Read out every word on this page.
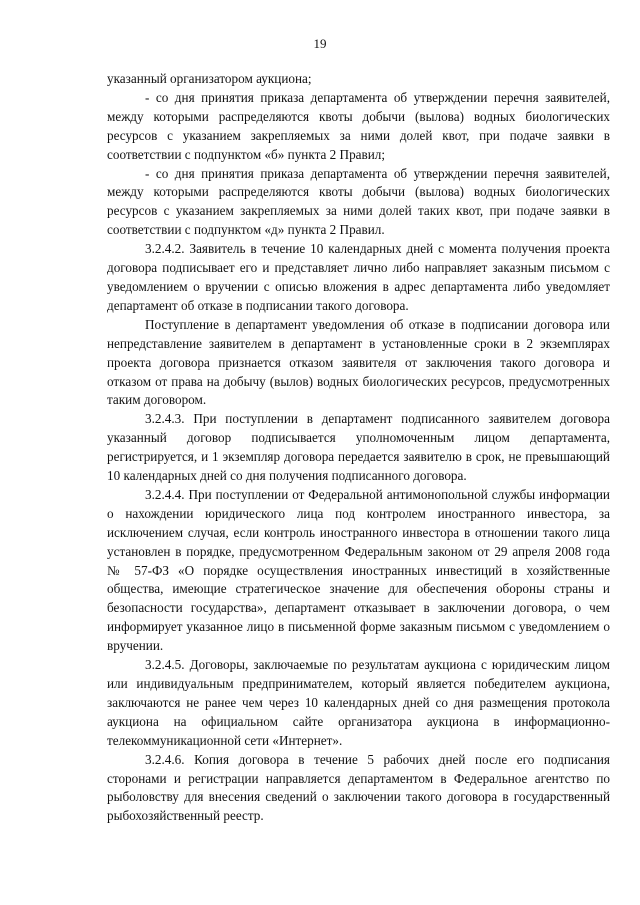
19

указанный организатором аукциона;

- со дня принятия приказа департамента об утверждении перечня заявителей, между которыми распределяются квоты добычи (вылова) водных биологических ресурсов с указанием закрепляемых за ними долей квот, при подаче заявки в соответствии с подпунктом «б» пункта 2 Правил;

- со дня принятия приказа департамента об утверждении перечня заявителей, между которыми распределяются квоты добычи (вылова) водных биологических ресурсов с указанием закрепляемых за ними долей таких квот, при подаче заявки в соответствии с подпунктом «д» пункта 2 Правил.

3.2.4.2. Заявитель в течение 10 календарных дней с момента получения проекта договора подписывает его и представляет лично либо направляет заказным письмом с уведомлением о вручении с описью вложения в адрес департамента либо уведомляет департамент об отказе в подписании такого договора.

Поступление в департамент уведомления об отказе в подписании договора или непредставление заявителем в департамент в установленные сроки в 2 экземплярах проекта договора признается отказом заявителя от заключения такого договора и отказом от права на добычу (вылов) водных биологических ресурсов, предусмотренных таким договором.

3.2.4.3. При поступлении в департамент подписанного заявителем договора указанный договор подписывается уполномоченным лицом департамента, регистрируется, и 1 экземпляр договора передается заявителю в срок, не превышающий 10 календарных дней со дня получения подписанного договора.

3.2.4.4. При поступлении от Федеральной антимонопольной службы информации о нахождении юридического лица под контролем иностранного инвестора, за исключением случая, если контроль иностранного инвестора в отношении такого лица установлен в порядке, предусмотренном Федеральным законом от 29 апреля 2008 года № 57-ФЗ «О порядке осуществления иностранных инвестиций в хозяйственные общества, имеющие стратегическое значение для обеспечения обороны страны и безопасности государства», департамент отказывает в заключении договора, о чем информирует указанное лицо в письменной форме заказным письмом с уведомлением о вручении.

3.2.4.5. Договоры, заключаемые по результатам аукциона с юридическим лицом или индивидуальным предпринимателем, который является победителем аукциона, заключаются не ранее чем через 10 календарных дней со дня размещения протокола аукциона на официальном сайте организатора аукциона в информационно-телекоммуникационной сети «Интернет».

3.2.4.6. Копия договора в течение 5 рабочих дней после его подписания сторонами и регистрации направляется департаментом в Федеральное агентство по рыболовству для внесения сведений о заключении такого договора в государственный рыбохозяйственный реестр.
